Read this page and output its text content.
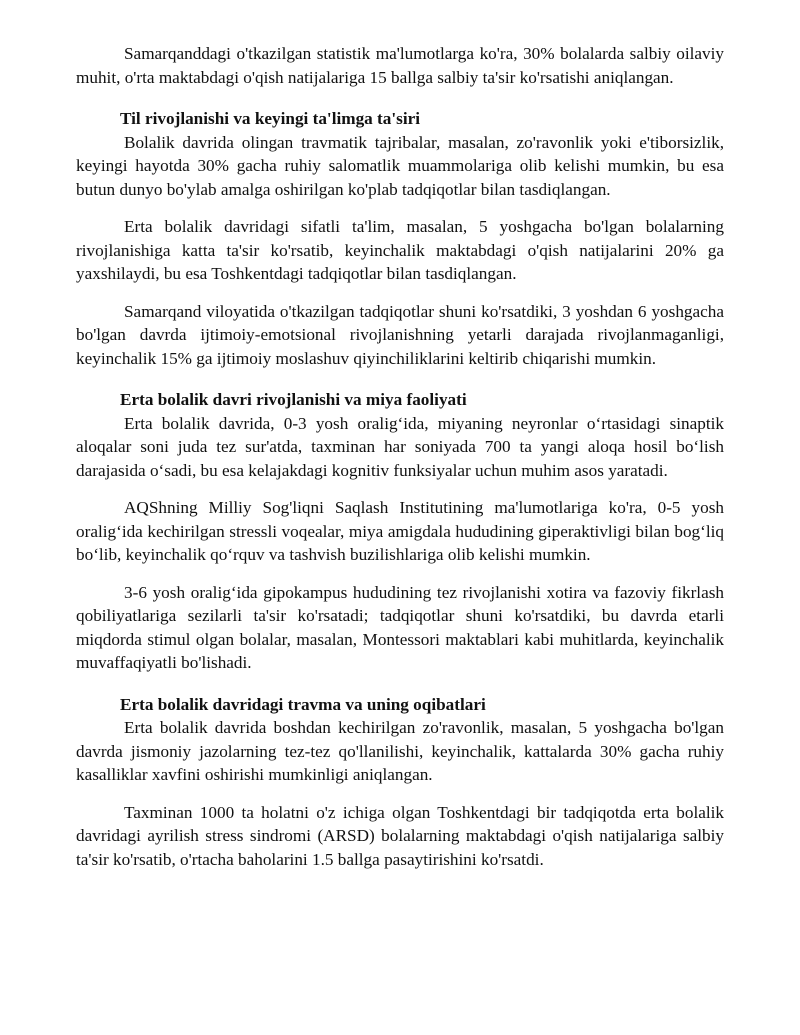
Samarqanddagi o'tkazilgan statistik ma'lumotlarga ko'ra, 30% bolalarda salbiy oilaviy muhit, o'rta maktabdagi o'qish natijalariga 15 ballga salbiy ta'sir ko'rsatishi aniqlangan.

Til rivojlanishi va keyingi ta'limga ta'siri

Bolalik davrida olingan travmatik tajribalar, masalan, zo'ravonlik yoki e'tiborsizlik, keyingi hayotda 30% gacha ruhiy salomatlik muammolariga olib kelishi mumkin, bu esa butun dunyo bo'ylab amalga oshirilgan ko'plab tadqiqotlar bilan tasdiqlangan.

Erta bolalik davridagi sifatli ta'lim, masalan, 5 yoshgacha bo'lgan bolalarning rivojlanishiga katta ta'sir ko'rsatib, keyinchalik maktabdagi o'qish natijalarini 20% ga yaxshilaydi, bu esa Toshkentdagi tadqiqotlar bilan tasdiqlangan.

Samarqand viloyatida o'tkazilgan tadqiqotlar shuni ko'rsatdiki, 3 yoshdan 6 yoshgacha bo'lgan davrda ijtimoiy-emotsional rivojlanishning yetarli darajada rivojlanmaganligi, keyinchalik 15% ga ijtimoiy moslashuv qiyinchiliklarini keltirib chiqarishi mumkin.

Erta bolalik davri rivojlanishi va miya faoliyati

Erta bolalik davrida, 0-3 yosh oralig‘ida, miyaning neyronlar o‘rtasidagi sinaptik aloqalar soni juda tez sur'atda, taxminan har soniyada 700 ta yangi aloqa hosil bo‘lish darajasida o‘sadi, bu esa kelajakdagi kognitiv funksiyalar uchun muhim asos yaratadi.

AQShning Milliy Sog'liqni Saqlash Institutining ma'lumotlariga ko'ra, 0-5 yosh oralig‘ida kechirilgan stressli voqealar, miya amigdala hududining giperaktivligi bilan bog‘liq bo‘lib, keyinchalik qo‘rquv va tashvish buzilishlariga olib kelishi mumkin.

3-6 yosh oralig‘ida gipokampus hududining tez rivojlanishi xotira va fazoviy fikrlash qobiliyatlariga sezilarli ta'sir ko'rsatadi; tadqiqotlar shuni ko'rsatdiki, bu davrda etarli miqdorda stimul olgan bolalar, masalan, Montessori maktablari kabi muhitlarda, keyinchalik muvaffaqiyatli bo'lishadi.

Erta bolalik davridagi travma va uning oqibatlari

Erta bolalik davrida boshdan kechirilgan zo'ravonlik, masalan, 5 yoshgacha bo'lgan davrda jismoniy jazolarning tez-tez qo'llanilishi, keyinchalik, kattalarda 30% gacha ruhiy kasalliklar xavfini oshirishi mumkinligi aniqlangan.

Taxminan 1000 ta holatni o'z ichiga olgan Toshkentdagi bir tadqiqotda erta bolalik davridagi ayrilish stress sindromi (ARSD) bolalarning maktabdagi o'qish natijalariga salbiy ta'sir ko'rsatib, o'rtacha baholarini 1.5 ballga pasaytirishini ko'rsatdi.
